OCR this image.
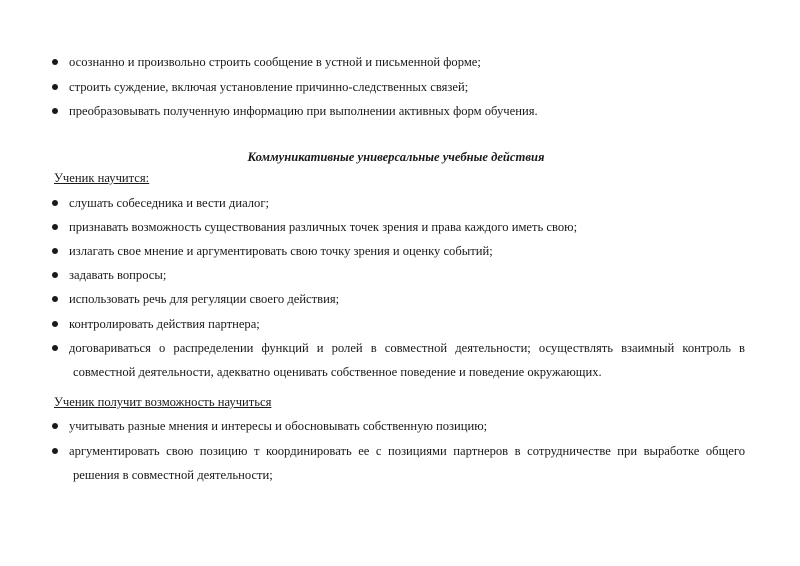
осознанно и произвольно строить сообщение в устной и письменной форме;
строить суждение, включая установление причинно-следственных связей;
преобразовывать полученную информацию при выполнении активных форм обучения.
Коммуникативные универсальные учебные действия
Ученик научится:
слушать собеседника и вести диалог;
признавать возможность существования различных точек зрения и права каждого иметь свою;
излагать свое мнение и аргументировать свою точку зрения и оценку событий;
задавать вопросы;
использовать речь для регуляции своего действия;
контролировать действия партнера;
договариваться о распределении функций и ролей в совместной деятельности; осуществлять взаимный контроль в
совместной деятельности, адекватно оценивать собственное поведение и поведение окружающих.
Ученик получит возможность научиться
учитывать разные мнения и интересы и обосновывать собственную позицию;
аргументировать свою позицию т координировать ее с позициями партнеров в сотрудничестве при выработке общего
решения в совместной деятельности;
